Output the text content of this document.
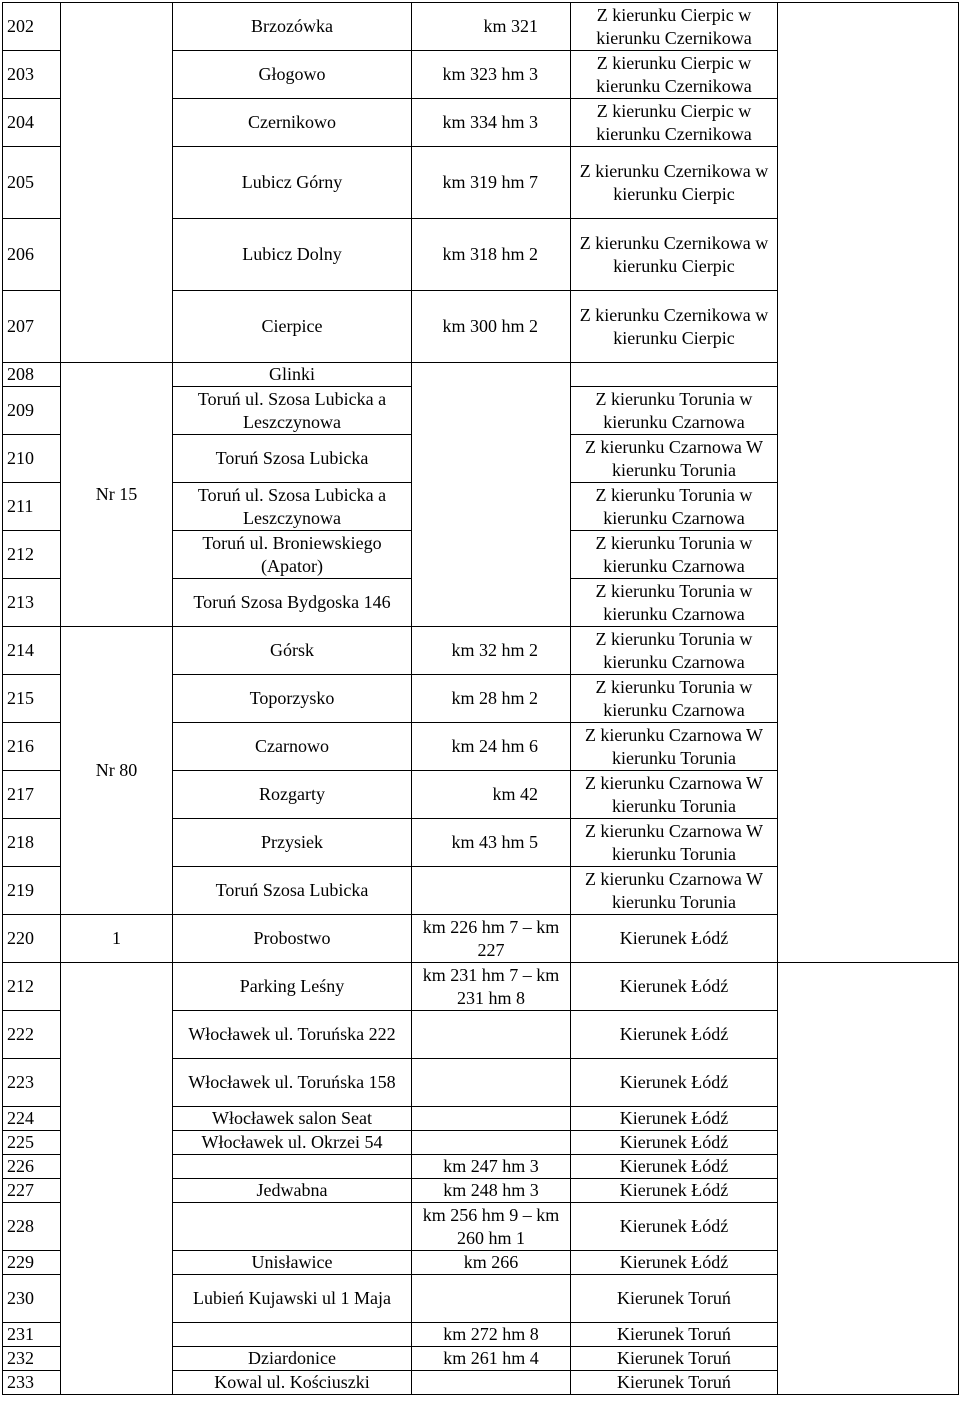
202		Brzozówka	km 321	Z kierunku Cierpic w kierunku Czernikowa		
203		Głogowo	km 323 hm 3	Z kierunku Cierpic w kierunku Czernikowa		
204		Czernikowo	km 334 hm 3	Z kierunku Cierpic w kierunku Czernikowa		
205		Lubicz Górny	km 319 hm 7	Z kierunku Czernikowa w kierunku Cierpic		
206		Lubicz Dolny	km 318 hm 2	Z kierunku Czernikowa w kierunku Cierpic		
207		Cierpice	km 300 hm 2	Z kierunku Czernikowa w kierunku Cierpic		
208	Nr 15	Glinki				
209		Toruń ul. Szosa Lubicka a Leszczynowa		Z kierunku Torunia w kierunku Czarnowa		
210		Toruń Szosa Lubicka		Z kierunku Czarnowa W kierunku Torunia		
211		Toruń ul. Szosa Lubicka a Leszczynowa		Z kierunku Torunia w kierunku Czarnowa		
212		Toruń ul. Broniewskiego (Apator)		Z kierunku Torunia w kierunku Czarnowa		
213		Toruń Szosa Bydgoska 146		Z kierunku Torunia w kierunku Czarnowa		
214	Nr 80	Górsk	km 32 hm 2	Z kierunku Torunia w kierunku Czarnowa		
215		Toporzysko	km 28 hm 2	Z kierunku Torunia w kierunku Czarnowa		
216		Czarnowo	km 24 hm 6	Z kierunku Czarnowa W kierunku Torunia		
217		Rozgarty	km 42	Z kierunku Czarnowa W kierunku Torunia		
218		Przysiek	km 43 hm 5	Z kierunku Czarnowa W kierunku Torunia		
219		Toruń Szosa Lubicka		Z kierunku Czarnowa W kierunku Torunia		
220	1	Probostwo	km 226 hm 7 – km 227	Kierunek Łódź	
212		Parking Leśny	km 231 hm 7 – km 231 hm 8	Kierunek Łódź		
222		Włocławek ul. Toruńska 222		Kierunek Łódź		
223		Włocławek ul. Toruńska 158		Kierunek Łódź		
224		Włocławek salon Seat		Kierunek Łódź		
225		Włocławek ul. Okrzei 54		Kierunek Łódź		
226			km 247 hm 3	Kierunek Łódź		
227		Jedwabna	km 248 hm 3	Kierunek Łódź		
228			km 256 hm 9 – km 260 hm 1	Kierunek Łódź		
229		Unisławice	km 266	Kierunek Łódź		
230		Lubień Kujawski ul 1 Maja		Kierunek Toruń		
231			km 272 hm 8	Kierunek Toruń		
232		Dziardonice	km 261 hm 4	Kierunek Toruń		
233		Kowal ul. Kościuszki		Kierunek Toruń		
